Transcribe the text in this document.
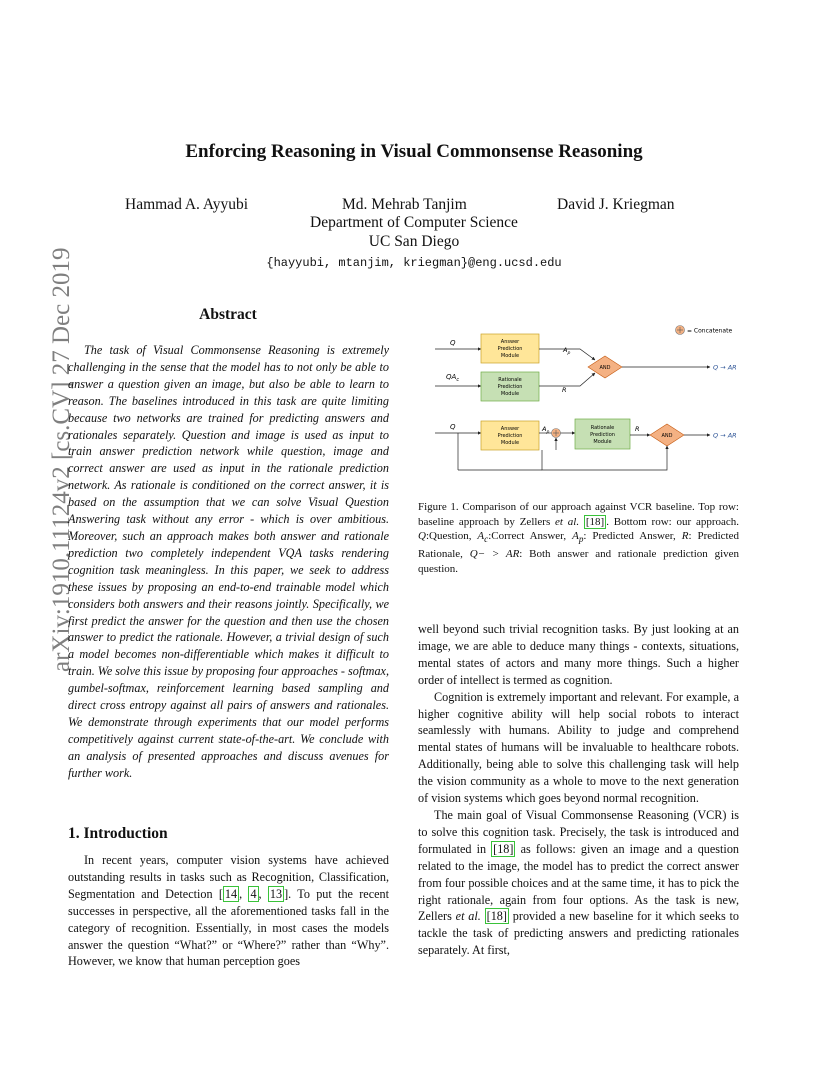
Enforcing Reasoning in Visual Commonsense Reasoning
Hammad A. Ayyubi	Md. Mehrab Tanjim	David J. Kriegman
Department of Computer Science
UC San Diego
{hayyubi, mtanjim, kriegman}@eng.ucsd.edu
arXiv:1910.11124v2 [cs.CV] 27 Dec 2019	Abstract
The task of Visual Commonsense Reasoning is extremely challenging in the sense that the model has to not only be able to answer a question given an image, but also be able to learn to reason. The baselines introduced in this task are quite limiting because two networks are trained for predicting answers and rationales separately. Question and image is used as input to train answer prediction network while question, image and correct answer are used as input in the rationale prediction network. As rationale is conditioned on the correct answer, it is based on the assumption that we can solve Visual Question Answering task without any error - which is over ambitious. Moreover, such an approach makes both answer and rationale prediction two completely independent VQA tasks rendering cognition task meaningless. In this paper, we seek to address these issues by proposing an end-to-end trainable model which considers both answers and their reasons jointly. Specifically, we first predict the answer for the question and then use the chosen answer to predict the rationale. However, a trivial design of such a model becomes non-differentiable which makes it difficult to train. We solve this issue by proposing four approaches - softmax, gumbel-softmax, reinforcement learning based sampling and direct cross entropy against all pairs of answers and rationales. We demonstrate through experiments that our model performs competitively against current state-of-the-art. We conclude with an analysis of presented approaches and discuss avenues for further work.
1. Introduction
In recent years, computer vision systems have achieved outstanding results in tasks such as Recognition, Classification, Segmentation and Detection [ 14 , 4 , 13 ]. To put the recent successes in perspective, all the aforementioned tasks fall in the category of recognition. Essentially, in most cases the models answer the question “What?” or “Where?” rather than “Why”. However, we know that human perception goes
= Concatenate
Q	Answer
Prediction
Module
$QA_c$	Rationale
Prediction
Module
$A_p$
R
AND	Q → AR
Q	Answer
Prediction
Module
$A_p$
Rationale
Prediction
Module
R
AND	Q → AR
Figure 1. Comparison of our approach against VCR baseline. Top row: baseline approach by Zellers et al. [18] . Bottom row: our approach. Q:Question, $A_c:Correct$ Answer, $A_p$: Predicted Answer, R: Predicted Rationale, Q− > AR: Both answer and rationale prediction given question.

well beyond such trivial recognition tasks. By just looking at an image, we are able to deduce many things - contexts, situations, mental states of actors and many more things. Such a higher order of intellect is termed as cognition.

Cognition is extremely important and relevant. For example, a higher cognitive ability will help social robots to interact seamlessly with humans. Ability to judge and comprehend mental states of humans will be invaluable to healthcare robots. Additionally, being able to solve this challenging task will help the vision community as a whole to move to the next generation of vision systems which goes beyond normal recognition.

The main goal of Visual Commonsense Reasoning (VCR) is to solve this cognition task. Precisely, the task is introduced and formulated in [18] as follows: given an image and a question related to the image, the model has to predict the correct answer from four possible choices and at the same time, it has to pick the right rationale, again from four options. As the task is new, Zellers et al. [18] provided a new baseline for it which seeks to tackle the task of predicting answers and predicting rationales separately. At first,
